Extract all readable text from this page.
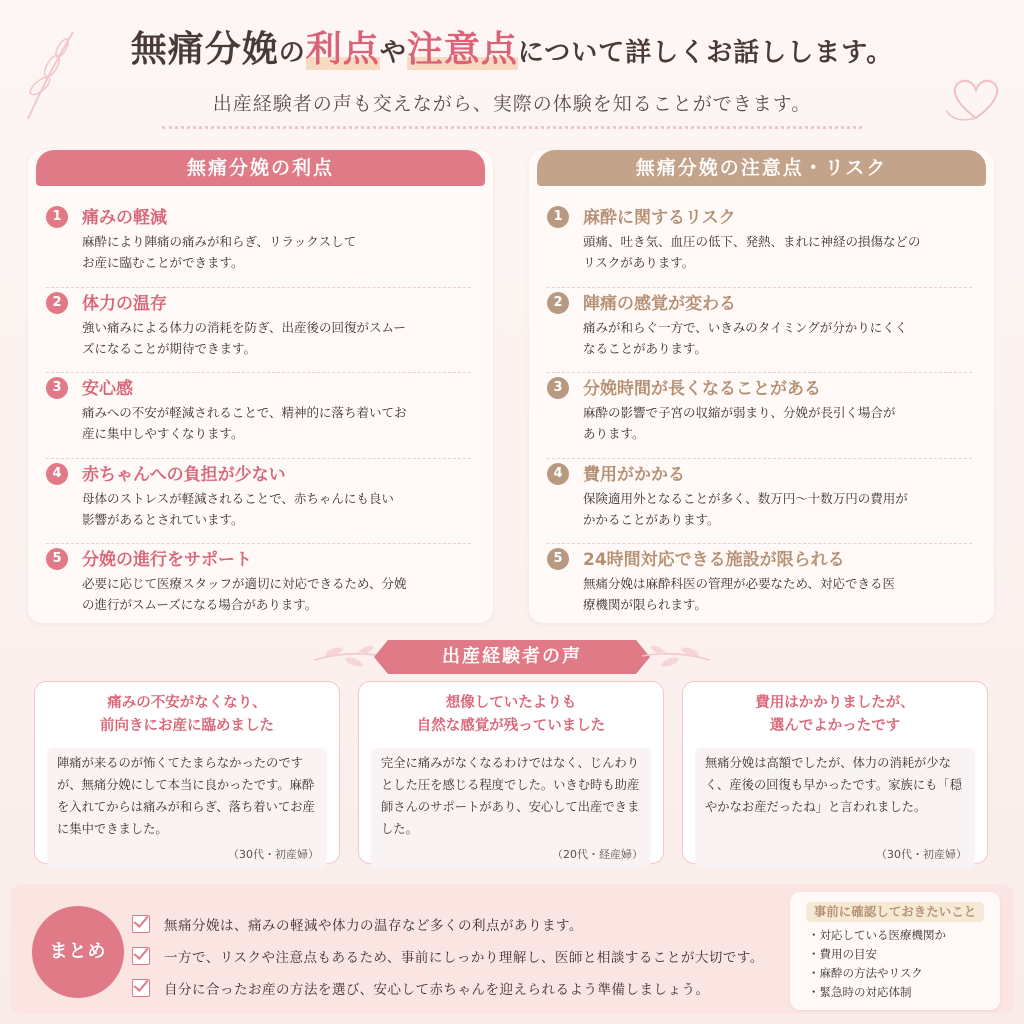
無痛分娩の利点や注意点について詳しくお話しします。
出産経験者の声も交えながら、実際の体験を知ることができます。
無痛分娩の利点
1	痛みの軽減
麻酔により陣痛の痛みが和らぎ、リラックスして
お産に臨むことができます。
2	体力の温存
強い痛みによる体力の消耗を防ぎ、出産後の回復がスムー
ズになることが期待できます。
3	安心感
痛みへの不安が軽減されることで、精神的に落ち着いてお
産に集中しやすくなります。
4	赤ちゃんへの負担が少ない
母体のストレスが軽減されることで、赤ちゃんにも良い
影響があるとされています。
5	分娩の進行をサポート
必要に応じて医療スタッフが適切に対応できるため、分娩
の進行がスムーズになる場合があります。
無痛分娩の注意点・リスク
1	麻酔に関するリスク
頭痛、吐き気、血圧の低下、発熱、まれに神経の損傷などの
リスクがあります。
2	陣痛の感覚が変わる
痛みが和らぐ一方で、いきみのタイミングが分かりにくく
なることがあります。
3	分娩時間が長くなることがある
麻酔の影響で子宮の収縮が弱まり、分娩が長引く場合が
あります。
4	費用がかかる
保険適用外となることが多く、数万円〜十数万円の費用が
かかることがあります。
5	24時間対応できる施設が限られる
無痛分娩は麻酔科医の管理が必要なため、対応できる医
療機関が限られます。
出産経験者の声
痛みの不安がなくなり、
前向きにお産に臨めました
陣痛が来るのが怖くてたまらなかったのですが、無痛分娩にして本当に良かったです。麻酔を入れてからは痛みが和らぎ、落ち着いてお産に集中できました。
（30代・初産婦）
想像していたよりも
自然な感覚が残っていました
完全に痛みがなくなるわけではなく、じんわりとした圧を感じる程度でした。いきむ時も助産師さんのサポートがあり、安心して出産できました。
（20代・経産婦）
費用はかかりましたが、
選んでよかったです
無痛分娩は高額でしたが、体力の消耗が少なく、産後の回復も早かったです。家族にも「穏やかなお産だったね」と言われました。
（30代・初産婦）
まとめ
無痛分娩は、痛みの軽減や体力の温存など多くの利点があります。
一方で、リスクや注意点もあるため、事前にしっかり理解し、医師と相談することが大切です。
自分に合ったお産の方法を選び、安心して赤ちゃんを迎えられるよう準備しましょう。
事前に確認しておきたいこと
・対応している医療機関か
・費用の目安
・麻酔の方法やリスク
・緊急時の対応体制
